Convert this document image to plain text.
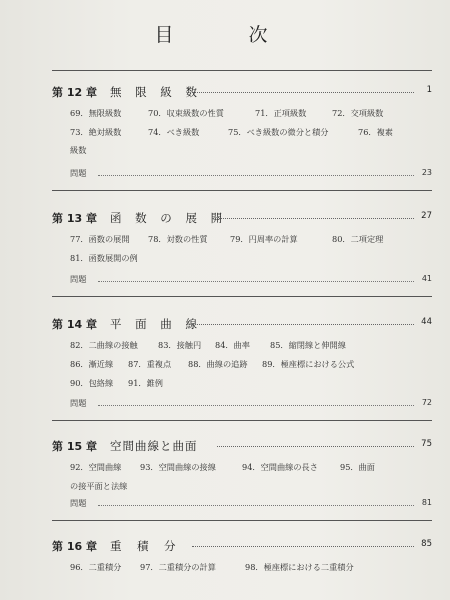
目　次
第 12 章 無 限 級 数	1
69．無限級数	70．収束級数の性質	71．正項級数	72．交項級数
73．絶対級数	74．べき級数	75．べき級数の微分と積分	76．複素
級数
問題	23
第 13 章 函 数 の 展 開	27
77．函数の展開 78．対数の性質	79．円周率の計算	80．二項定理
81．函数展開の例
問題	41
第 14 章 平 面 曲 線	44
82．二曲線の接触 83．接触円 84．曲率 85．縮閉線と伸開線
86．漸近線 87．重複点 88．曲線の追跡 89．極座標における公式
90．包絡線 91．錐例
問題	72
第 15 章 空間曲線と曲面	75
92．空間曲線 93．空間曲線の接線	94．空間曲線の長さ	95．曲面
の接平面と法線
問題	81
第 16 章 重　積　分	85
96．二重積分 97．二重積分の計算	98．極座標における二重積分
